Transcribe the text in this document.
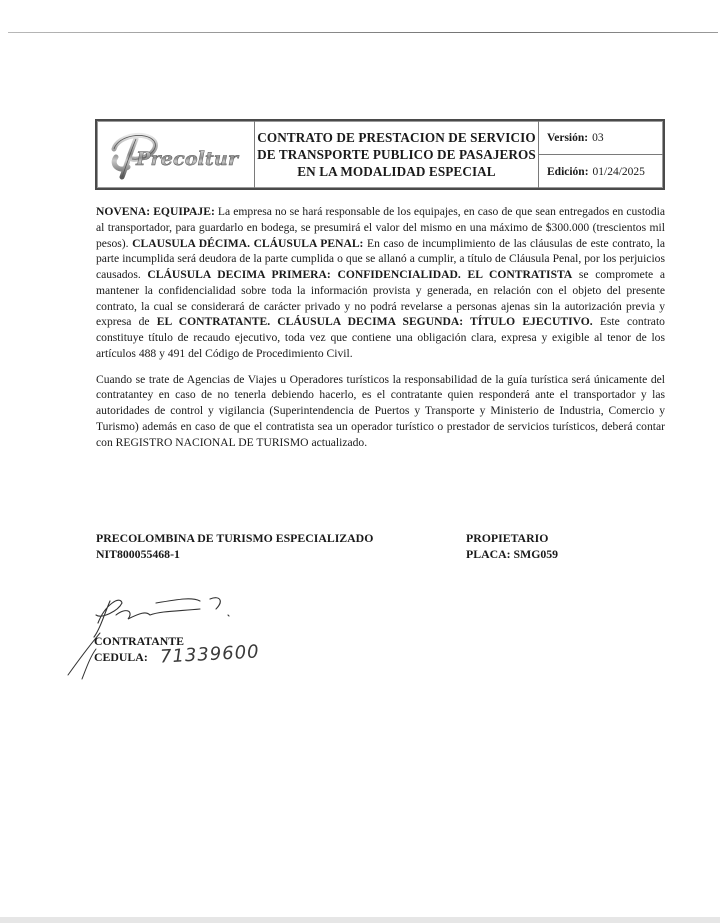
Precoltur
CONTRATO DE PRESTACION DE SERVICIO
DE TRANSPORTE PUBLICO DE PASAJEROS
EN LA MODALIDAD ESPECIAL
Versión: 03
Edición: 01/24/2025

NOVENA: EQUIPAJE: La empresa no se hará responsable de los equipajes, en caso de que sean entregados en custodia al transportador, para guardarlo en bodega, se presumirá el valor del mismo en una máximo de $300.000 (trescientos mil pesos). CLAUSULA DÉCIMA. CLÁUSULA PENAL: En caso de incumplimiento de las cláusulas de este contrato, la parte incumplida será deudora de la parte cumplida o que se allanó a cumplir, a título de Cláusula Penal, por los perjuicios causados. CLÁUSULA DECIMA PRIMERA: CONFIDENCIALIDAD. EL CONTRATISTA se compromete a mantener la confidencialidad sobre toda la información provista y generada, en relación con el objeto del presente contrato, la cual se considerará de carácter privado y no podrá revelarse a personas ajenas sin la autorización previa y expresa de EL CONTRATANTE. CLÁUSULA DECIMA SEGUNDA: TÍTULO EJECUTIVO. Este contrato constituye título de recaudo ejecutivo, toda vez que contiene una obligación clara, expresa y exigible al tenor de los artículos 488 y 491 del Código de Procedimiento Civil.

Cuando se trate de Agencias de Viajes u Operadores turísticos la responsabilidad de la guía turística será únicamente del contratantey en caso de no tenerla debiendo hacerlo, es el contratante quien responderá ante el transportador y las autoridades de control y vigilancia (Superintendencia de Puertos y Transporte y Ministerio de Industria, Comercio y Turismo) además en caso de que el contratista sea un operador turístico o prestador de servicios turísticos, deberá contar con REGISTRO NACIONAL DE TURISMO actualizado.

PRECOLOMBINA DE TURISMO ESPECIALIZADO
NIT800055468-1
PROPIETARIO
PLACA: SMG059
CONTRATANTE
CEDULA: 71339600
